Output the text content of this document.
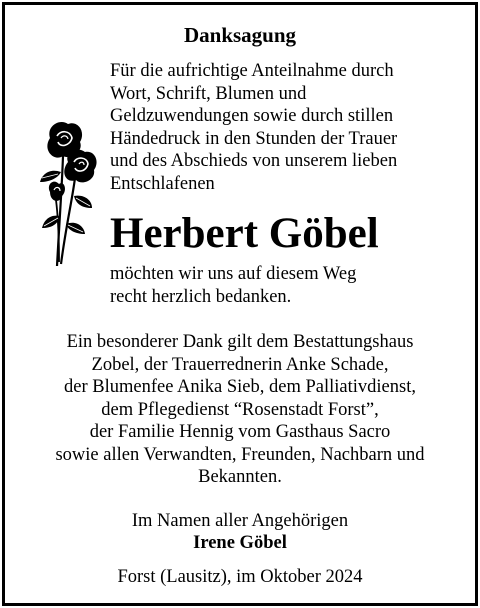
Danksagung
Für die aufrichtige Anteilnahme durch
Wort, Schrift, Blumen und
Geldzuwendungen sowie durch stillen
Händedruck in den Stunden der Trauer
und des Abschieds von unserem lieben
Entschlafenen
Herbert Göbel
möchten wir uns auf diesem Weg
recht herzlich bedanken.
Ein besonderer Dank gilt dem Bestattungshaus
Zobel, der Trauerrednerin Anke Schade,
der Blumenfee Anika Sieb, dem Palliativdienst,
dem Pflegedienst “Rosenstadt Forst”,
der Familie Hennig vom Gasthaus Sacro
sowie allen Verwandten, Freunden, Nachbarn und
Bekannten.
Im Namen aller Angehörigen
Irene Göbel
Forst (Lausitz), im Oktober 2024
